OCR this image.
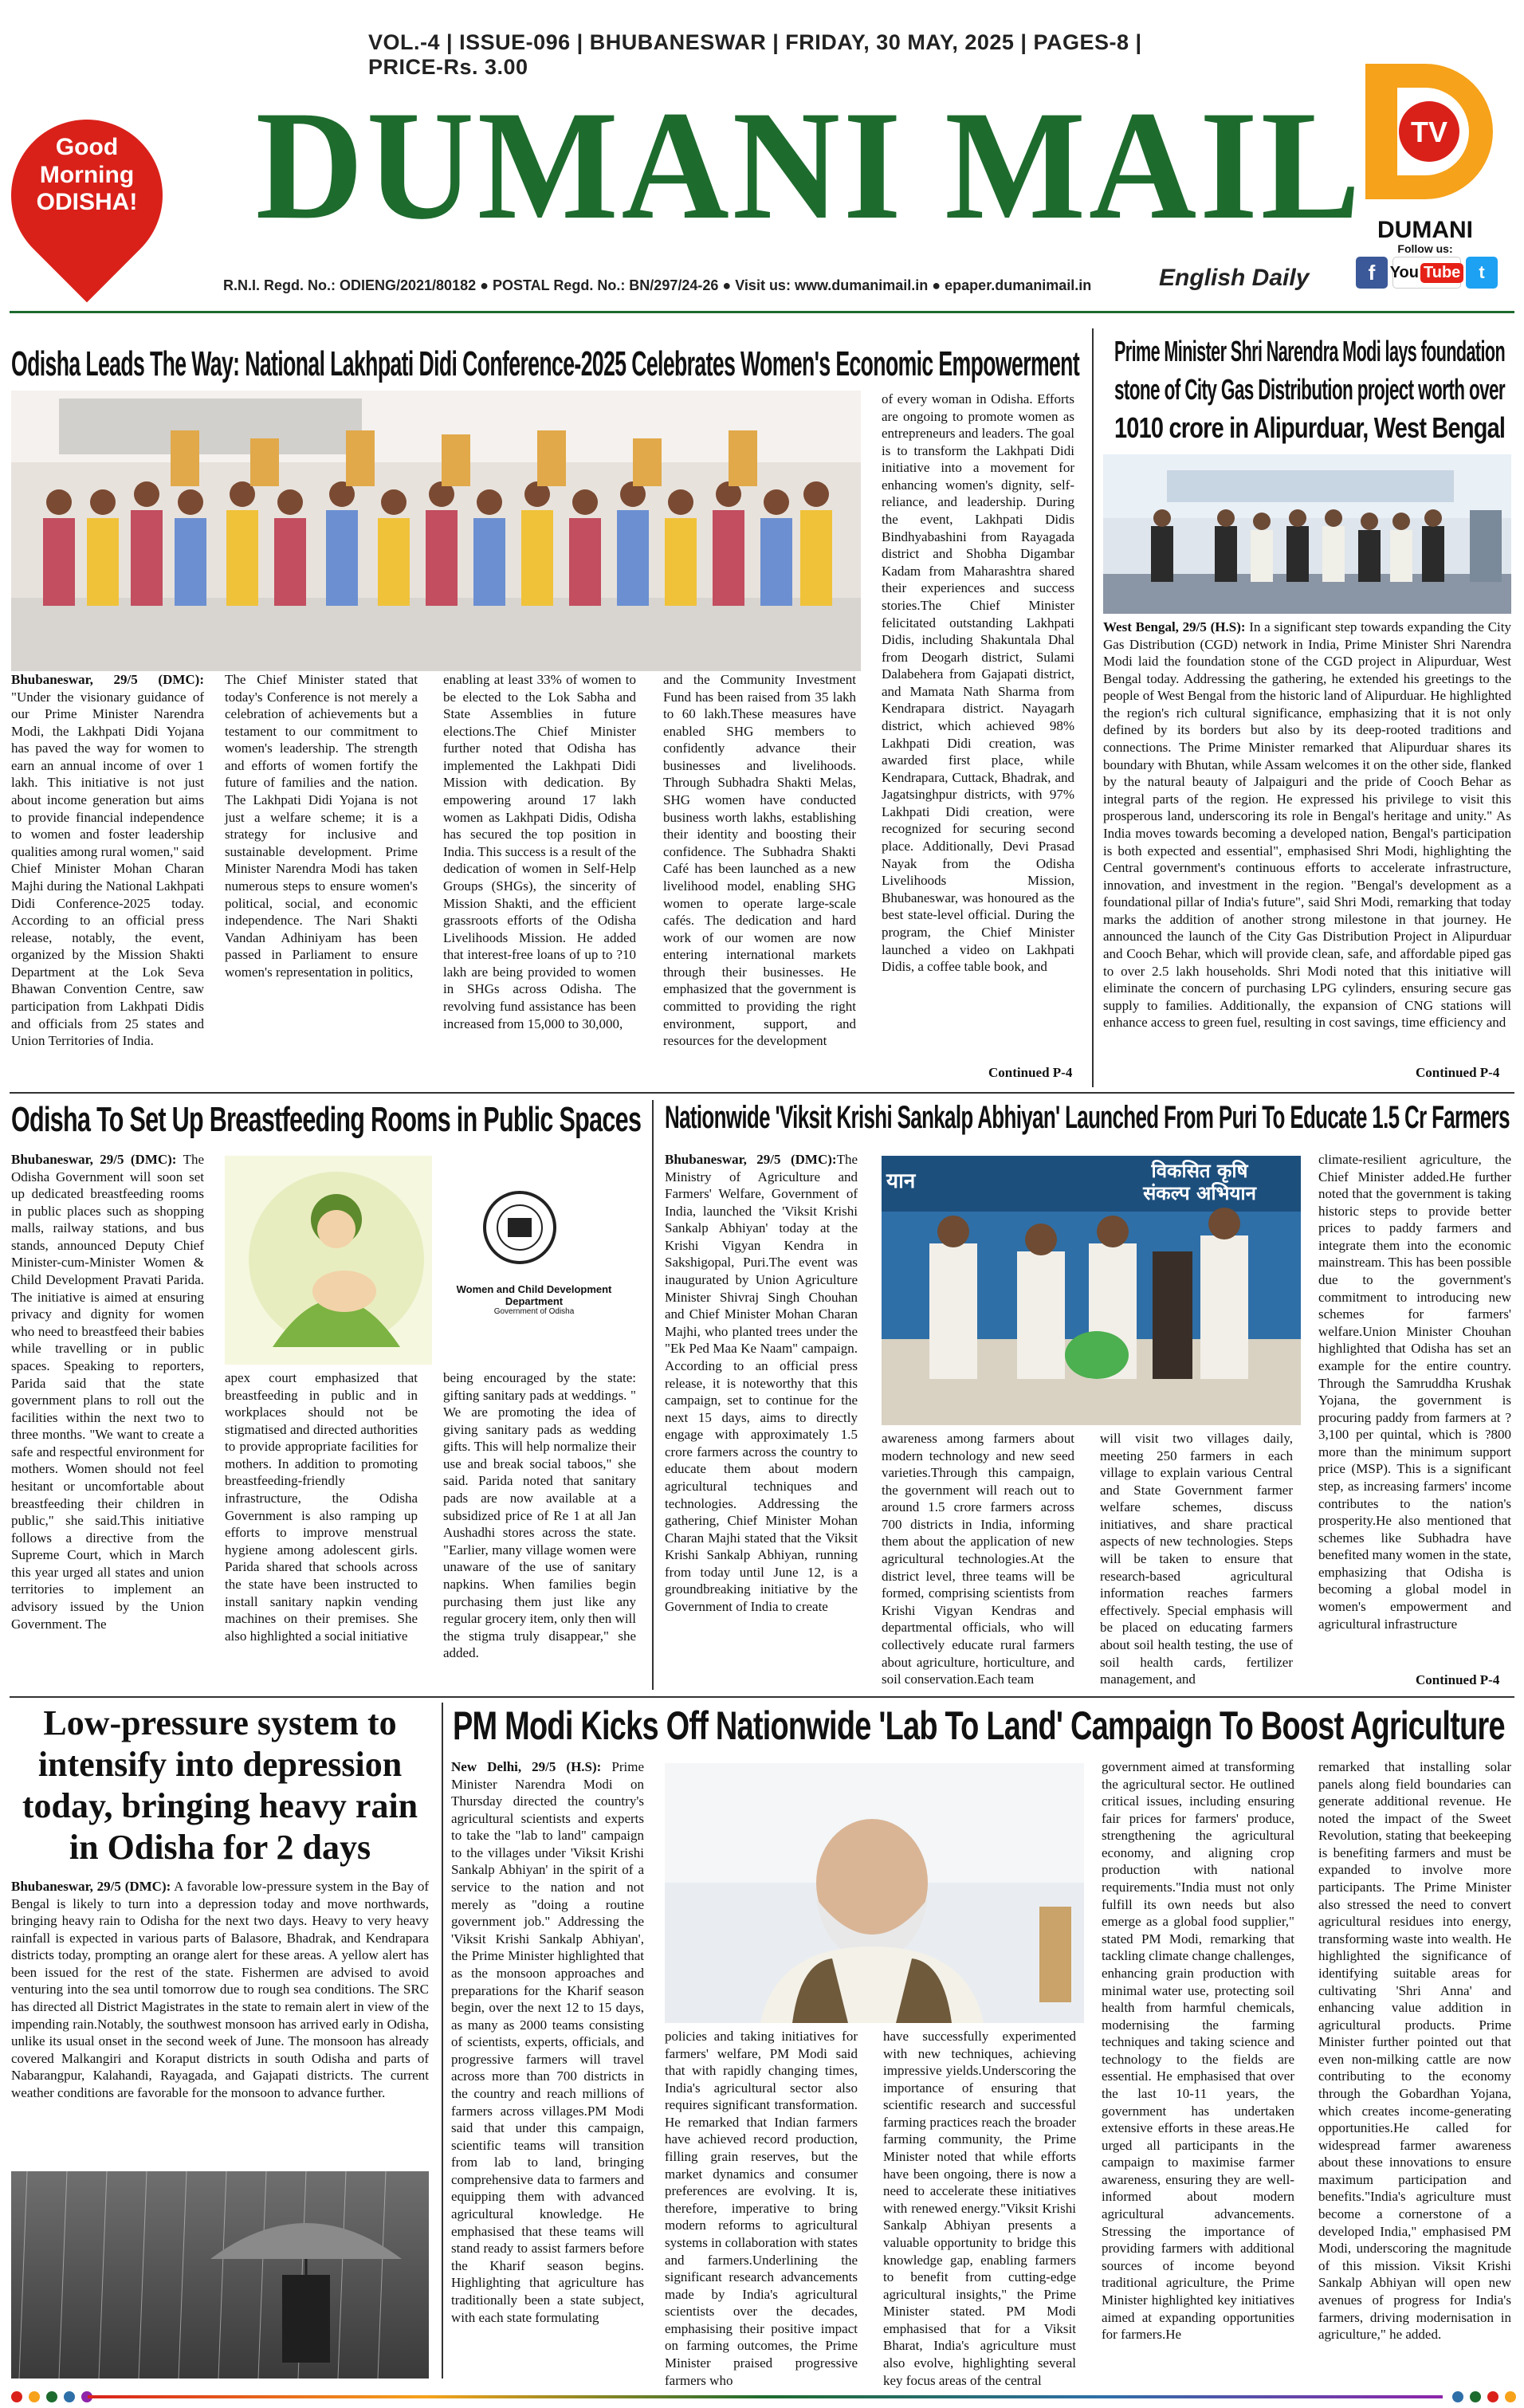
VOL.-4 | ISSUE-096 | BHUBANESWAR | FRIDAY, 30 MAY, 2025 | PAGES-8 | PRICE-Rs. 3.00
Good
Morning
ODISHA! DUMANI MAIL
R.N.I. Regd. No.: ODIENG/2021/80182 ● POSTAL Regd. No.: BN/297/24-26 ● Visit us: www.dumanimail.in ● epaper.dumanimail.in	English Daily
TV
DUMANI
Follow us:
f You Tube	t
Odisha Leads The Way: National Lakhpati Didi Conference-2025 Celebrates Women's Economic Empowerment
Bhubaneswar, 29/5 (DMC): "Under the visionary guidance of our Prime Minister Narendra Modi, the Lakhpati Didi Yojana has paved the way for women to earn an annual income of over 1 lakh. This initiative is not just about income generation but aims to provide financial independence to women and foster leadership qualities among rural women," said Chief Minister Mohan Charan Majhi during the National Lakhpati Didi Conference-2025 today. According to an official press release, notably, the event, organized by the Mission Shakti Department at the Lok Seva Bhawan Convention Centre, saw participation from Lakhpati Didis and officials from 25 states and Union Territories of India.
The Chief Minister stated that today's Conference is not merely a celebration of achievements but a testament to our commitment to women's leadership. The strength and efforts of women fortify the future of families and the nation. The Lakhpati Didi Yojana is not just a welfare scheme; it is a strategy for inclusive and sustainable development. Prime Minister Narendra Modi has taken numerous steps to ensure women's political, social, and economic independence. The Nari Shakti Vandan Adhiniyam has been passed in Parliament to ensure women's representation in politics,
enabling at least 33% of women to be elected to the Lok Sabha and State Assemblies in future elections.The Chief Minister further noted that Odisha has implemented the Lakhpati Didi Mission with dedication. By empowering around 17 lakh women as Lakhpati Didis, Odisha has secured the top position in India. This success is a result of the dedication of women in Self-Help Groups (SHGs), the sincerity of Mission Shakti, and the efficient grassroots efforts of the Odisha Livelihoods Mission. He added that interest-free loans of up to ?10 lakh are being provided to women in SHGs across Odisha. The revolving fund assistance has been increased from 15,000 to 30,000,
and the Community Investment Fund has been raised from 35 lakh to 60 lakh.These measures have enabled SHG members to confidently advance their businesses and livelihoods. Through Subhadra Shakti Melas, SHG women have conducted business worth lakhs, establishing their identity and boosting their confidence. The Subhadra Shakti Café has been launched as a new livelihood model, enabling SHG women to operate large-scale cafés. The dedication and hard work of our women are now entering international markets through their businesses. He emphasized that the government is committed to providing the right environment, support, and resources for the development
of every woman in Odisha. Efforts are ongoing to promote women as entrepreneurs and leaders. The goal is to transform the Lakhpati Didi initiative into a movement for enhancing women's dignity, self-reliance, and leadership. During the event, Lakhpati Didis Bindhyabashini from Rayagada district and Shobha Digambar Kadam from Maharashtra shared their experiences and success stories.The Chief Minister felicitated outstanding Lakhpati Didis, including Shakuntala Dhal from Deogarh district, Sulami Dalabehera from Gajapati district, and Mamata Nath Sharma from Kendrapara district. Nayagarh district, which achieved 98% Lakhpati Didi creation, was awarded first place, while Kendrapara, Cuttack, Bhadrak, and Jagatsinghpur districts, with 97% Lakhpati Didi creation, were recognized for securing second place. Additionally, Devi Prasad Nayak from the Odisha Livelihoods Mission, Bhubaneswar, was honoured as the best state-level official. During the program, the Chief Minister launched a video on Lakhpati Didis, a coffee table book, and
Continued P-4
Prime Minister Shri Narendra Modi lays foundation
stone of City Gas Distribution project worth over
1010 crore in Alipurduar, West Bengal
West Bengal, 29/5 (H.S): In a significant step towards expanding the City Gas Distribution (CGD) network in India, Prime Minister Shri Narendra Modi laid the foundation stone of the CGD project in Alipurduar, West Bengal today. Addressing the gathering, he extended his greetings to the people of West Bengal from the historic land of Alipurduar. He highlighted the region's rich cultural significance, emphasizing that it is not only defined by its borders but also by its deep-rooted traditions and connections. The Prime Minister remarked that Alipurduar shares its boundary with Bhutan, while Assam welcomes it on the other side, flanked by the natural beauty of Jalpaiguri and the pride of Cooch Behar as integral parts of the region. He expressed his privilege to visit this prosperous land, underscoring its role in Bengal's heritage and unity." As India moves towards becoming a developed nation, Bengal's participation is both expected and essential", emphasised Shri Modi, highlighting the Central government's continuous efforts to accelerate infrastructure, innovation, and investment in the region. "Bengal's development as a foundational pillar of India's future", said Shri Modi, remarking that today marks the addition of another strong milestone in that journey. He announced the launch of the City Gas Distribution Project in Alipurduar and Cooch Behar, which will provide clean, safe, and affordable piped gas to over 2.5 lakh households. Shri Modi noted that this initiative will eliminate the concern of purchasing LPG cylinders, ensuring secure gas supply to families. Additionally, the expansion of CNG stations will enhance access to green fuel, resulting in cost savings, time efficiency and
Continued P-4
Odisha To Set Up Breastfeeding Rooms in Public Spaces
Bhubaneswar, 29/5 (DMC): The Odisha Government will soon set up dedicated breastfeeding rooms in public places such as shopping malls, railway stations, and bus stands, announced Deputy Chief Minister-cum-Minister Women & Child Development Pravati Parida. The initiative is aimed at ensuring privacy and dignity for women who need to breastfeed their babies while travelling or in public spaces. Speaking to reporters, Parida said that the state government plans to roll out the facilities within the next two to three months. "We want to create a safe and respectful environment for mothers. Women should not feel hesitant or uncomfortable about breastfeeding their children in public," she said.This initiative follows a directive from the Supreme Court, which in March this year urged all states and union territories to implement an advisory issued by the Union Government. The
Women and Child Development
Department
Government of Odisha
apex court emphasized that breastfeeding in public and in workplaces should not be stigmatised and directed authorities to provide appropriate facilities for mothers. In addition to promoting breastfeeding-friendly infrastructure, the Odisha Government is also ramping up efforts to improve menstrual hygiene among adolescent girls. Parida shared that schools across the state have been instructed to install sanitary napkin vending machines on their premises. She also highlighted a social initiative
being encouraged by the state: gifting sanitary pads at weddings. " We are promoting the idea of giving sanitary pads as wedding gifts. This will help normalize their use and break social taboos," she said. Parida noted that sanitary pads are now available at a subsidized price of Re 1 at all Jan Aushadhi stores across the state. "Earlier, many village women were unaware of the use of sanitary napkins. When families begin purchasing them just like any regular grocery item, only then will the stigma truly disappear," she added.
Nationwide 'Viksit Krishi Sankalp Abhiyan' Launched From Puri To Educate 1.5 Cr Farmers
Bhubaneswar, 29/5 (DMC):The Ministry of Agriculture and Farmers' Welfare, Government of India, launched the 'Viksit Krishi Sankalp Abhiyan' today at the Krishi Vigyan Kendra in Sakshigopal, Puri.The event was inaugurated by Union Agriculture Minister Shivraj Singh Chouhan and Chief Minister Mohan Charan Majhi, who planted trees under the "Ek Ped Maa Ke Naam" campaign. According to an official press release, it is noteworthy that this campaign, set to continue for the next 15 days, aims to directly engage with approximately 1.5 crore farmers across the country to educate them about modern agricultural techniques and technologies. Addressing the gathering, Chief Minister Mohan Charan Majhi stated that the Viksit Krishi Sankalp Abhiyan, running from today until June 12, is a groundbreaking initiative by the Government of India to create
विकसित कृषि
संकल्प अभियान
यान
awareness among farmers about modern technology and new seed varieties.Through this campaign, the government will reach out to around 1.5 crore farmers across 700 districts in India, informing them about the application of new agricultural technologies.At the district level, three teams will be formed, comprising scientists from Krishi Vigyan Kendras and departmental officials, who will collectively educate rural farmers about agriculture, horticulture, and soil conservation.Each team
will visit two villages daily, meeting 250 farmers in each village to explain various Central and State Government farmer welfare schemes, discuss initiatives, and share practical aspects of new technologies. Steps will be taken to ensure that research-based agricultural information reaches farmers effectively. Special emphasis will be placed on educating farmers about soil health testing, the use of soil health cards, fertilizer management, and
climate-resilient agriculture, the Chief Minister added.He further noted that the government is taking historic steps to provide better prices to paddy farmers and integrate them into the economic mainstream. This has been possible due to the government's commitment to introducing new schemes for farmers' welfare.Union Minister Chouhan highlighted that Odisha has set an example for the entire country. Through the Samruddha Krushak Yojana, the government is procuring paddy from farmers at ?3,100 per quintal, which is ?800 more than the minimum support price (MSP). This is a significant step, as increasing farmers' income contributes to the nation's prosperity.He also mentioned that schemes like Subhadra have benefited many women in the state, emphasizing that Odisha is becoming a global model in women's empowerment and agricultural infrastructure
Continued P-4
Low-pressure system to
intensify into depression
today, bringing heavy rain
in Odisha for 2 days
Bhubaneswar, 29/5 (DMC): A favorable low-pressure system in the Bay of Bengal is likely to turn into a depression today and move northwards, bringing heavy rain to Odisha for the next two days. Heavy to very heavy rainfall is expected in various parts of Balasore, Bhadrak, and Kendrapara districts today, prompting an orange alert for these areas. A yellow alert has been issued for the rest of the state. Fishermen are advised to avoid venturing into the sea until tomorrow due to rough sea conditions. The SRC has directed all District Magistrates in the state to remain alert in view of the impending rain.Notably, the southwest monsoon has arrived early in Odisha, unlike its usual onset in the second week of June. The monsoon has already covered Malkangiri and Koraput districts in south Odisha and parts of Nabarangpur, Kalahandi, Rayagada, and Gajapati districts. The current weather conditions are favorable for the monsoon to advance further.
PM Modi Kicks Off Nationwide 'Lab To Land' Campaign To Boost Agriculture
New Delhi, 29/5 (H.S): Prime Minister Narendra Modi on Thursday directed the country's agricultural scientists and experts to take the "lab to land" campaign to the villages under 'Viksit Krishi Sankalp Abhiyan' in the spirit of a service to the nation and not merely as "doing a routine government job." Addressing the 'Viksit Krishi Sankalp Abhiyan', the Prime Minister highlighted that as the monsoon approaches and preparations for the Kharif season begin, over the next 12 to 15 days, as many as 2000 teams consisting of scientists, experts, officials, and progressive farmers will travel across more than 700 districts in the country and reach millions of farmers across villages.PM Modi said that under this campaign, scientific teams will transition from lab to land, bringing comprehensive data to farmers and equipping them with advanced agricultural knowledge. He emphasised that these teams will stand ready to assist farmers before the Kharif season begins. Highlighting that agriculture has traditionally been a state subject, with each state formulating
policies and taking initiatives for farmers' welfare, PM Modi said that with rapidly changing times, India's agricultural sector also requires significant transformation. He remarked that Indian farmers have achieved record production, filling grain reserves, but the market dynamics and consumer preferences are evolving. It is, therefore, imperative to bring modern reforms to agricultural systems in collaboration with states and farmers.Underlining the significant research advancements made by India's agricultural scientists over the decades, emphasising their positive impact on farming outcomes, the Prime Minister praised progressive farmers who
have successfully experimented with new techniques, achieving impressive yields.Underscoring the importance of ensuring that scientific research and successful farming practices reach the broader farming community, the Prime Minister noted that while efforts have been ongoing, there is now a need to accelerate these initiatives with renewed energy."Viksit Krishi Sankalp Abhiyan presents a valuable opportunity to bridge this knowledge gap, enabling farmers to benefit from cutting-edge agricultural insights," the Prime Minister stated. PM Modi emphasised that for a Viksit Bharat, India's agriculture must also evolve, highlighting several key focus areas of the central
government aimed at transforming the agricultural sector. He outlined critical issues, including ensuring fair prices for farmers' produce, strengthening the agricultural economy, and aligning crop production with national requirements."India must not only fulfill its own needs but also emerge as a global food supplier," stated PM Modi, remarking that tackling climate change challenges, enhancing grain production with minimal water use, protecting soil health from harmful chemicals, modernising the farming techniques and taking science and technology to the fields are essential. He emphasised that over the last 10-11 years, the government has undertaken extensive efforts in these areas.He urged all participants in the campaign to maximise farmer awareness, ensuring they are well-informed about modern agricultural advancements. Stressing the importance of providing farmers with additional sources of income beyond traditional agriculture, the Prime Minister highlighted key initiatives aimed at expanding opportunities for farmers.He
remarked that installing solar panels along field boundaries can generate additional revenue. He noted the impact of the Sweet Revolution, stating that beekeeping is benefiting farmers and must be expanded to involve more participants. The Prime Minister also stressed the need to convert agricultural residues into energy, transforming waste into wealth. He highlighted the significance of identifying suitable areas for cultivating 'Shri Anna' and enhancing value addition in agricultural products. Prime Minister further pointed out that even non-milking cattle are now contributing to the economy through the Gobardhan Yojana, which creates income-generating opportunities.He called for widespread farmer awareness about these innovations to ensure maximum participation and benefits."India's agriculture must become a cornerstone of a developed India," emphasised PM Modi, underscoring the magnitude of this mission. Viksit Krishi Sankalp Abhiyan will open new avenues of progress for India's farmers, driving modernisation in agriculture," he added.
